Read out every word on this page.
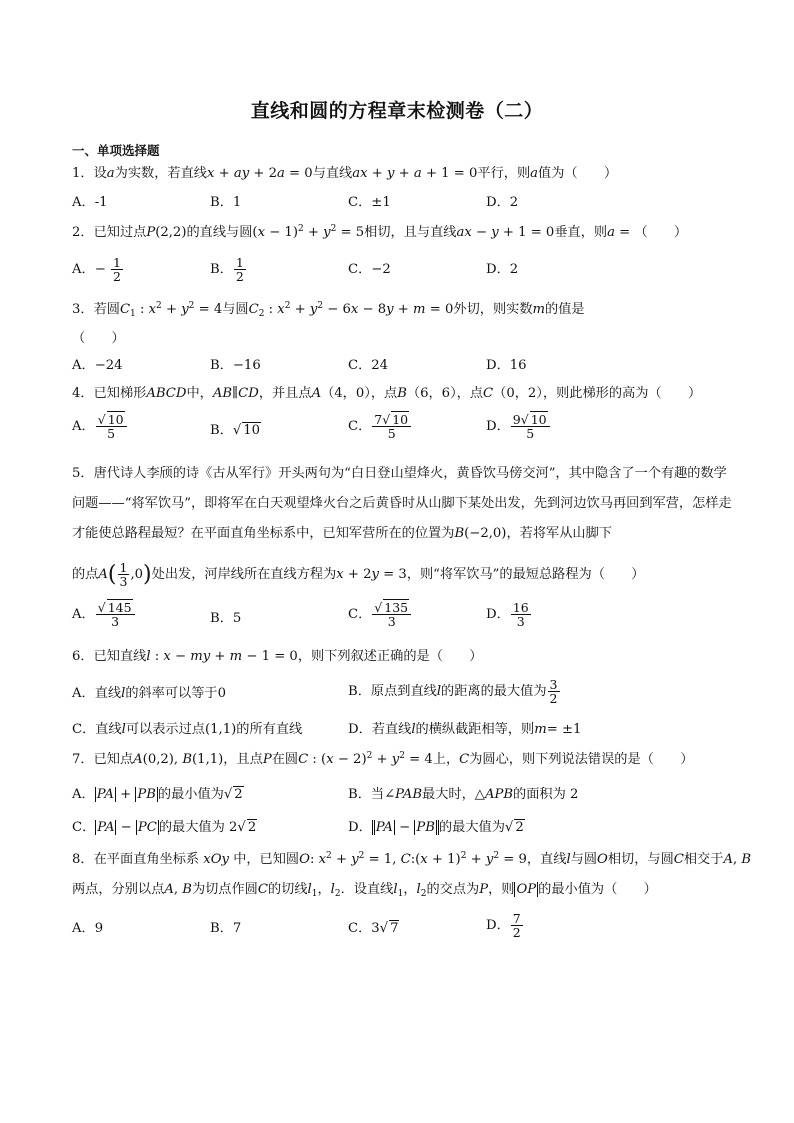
直线和圆的方程章末检测卷（二）
一、单项选择题
1．设a为实数，若直线x + ay + 2a = 0与直线ax + y + a + 1 = 0平行，则a值为（　　）
A．-1	B．1	C．±1	D．2
2．已知过点P(2,2)的直线与圆$(x - 1)^2 + y^2 = 5$相切，且与直线ax − y + 1 = 0垂直，则a = （　　）
A．− $\frac{1}{2}$	B． $\frac{1}{2}$	C．−2	D．2
3．若圆$C_1$ : $x^2 + y^2 = 4$与圆$C_2$ : $x^2 + y^2 - 6x - 8y + m = 0$外切，则实数m的值是
（　　）
A．−24	B．−16	C．24	D．16
4．已知梯形ABCD中，AB∥CD，并且点A（4，0），点B（6，6），点C（0，2），则此梯形的高为（　　）
A． $\frac{√ 10}{5}$	B．√ 10	C． $\frac{7√ 10}{5}$	D． $\frac{9√ 10}{5}$
5．唐代诗人李颀的诗《古从军行》开头两句为“白日登山望烽火，黄昏饮马傍交河”，其中隐含了一个有趣的数学问题——“将军饮马”，即将军在白天观望烽火台之后黄昏时从山脚下某处出发，先到河边饮马再回到军营，怎样走才能使总路程最短？在平面直角坐标系中，已知军营所在的位置为B(−2,0)，若将军从山脚下
的点$A( \frac{1}{3} ,0)$处出发，河岸线所在直线方程为x + 2y = 3，则“将军饮马”的最短总路程为（　　）
A． $\frac{√ 145}{3}$	B．5	C． $\frac{√ 135}{3}$	D． $\frac{16}{3}$
6．已知直线l : x − my + m − 1 = 0，则下列叙述正确的是（　　）
A．直线l的斜率可以等于0	B．原点到直线l的距离的最大值为 $\frac{3}{2}$
C．直线l可以表示过点(1,1)的所有直线	D．若直线l的横纵截距相等，则m= ±1
7．已知点A(0,2), B(1,1)，且点P在圆C : $(x - 2)^2 + y^2 = 4$上，C为圆心，则下列说法错误的是（　　）
A． PA + PB 的最小值为√ 2	B．当∠PAB最大时，△APB的面积为 2
C． PA − PC 的最大值为 2√ 2	D． PA − PB 的最大值为√ 2
8．在平面直角坐标系 xOy 中，已知圆O: $x^2 + y^2 = 1$, C:(x + $1)^2 + y^2 = 9$，直线l与圆O相切，与圆C相交于A, B
两点，分别以点A, B为切点作圆C的切线$l_1$，$l_2$．设直线$l_1$，$l_2$的交点为P，则 OP 的最小值为（　　）
A．9	B．7	C．3√ 7	D． $\frac{7}{2}$
